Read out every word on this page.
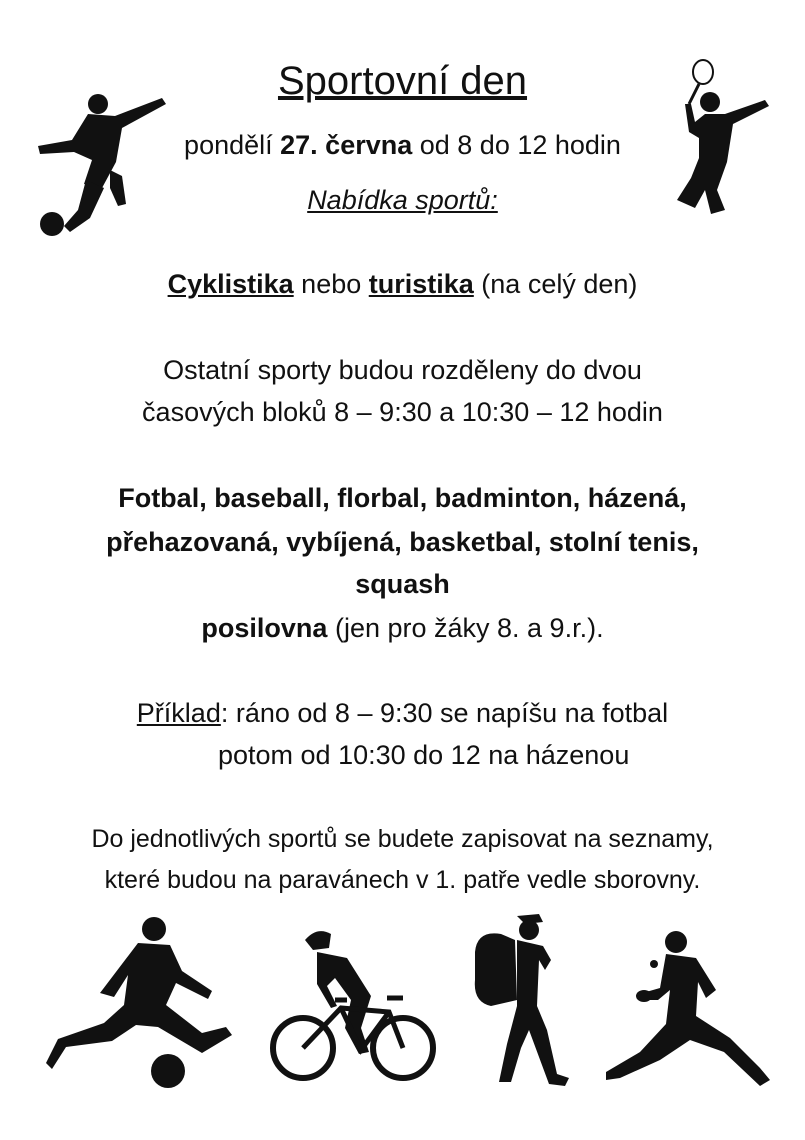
Sportovní den
pondělí 27. června od 8 do 12 hodin
Nabídka sportů:
Cyklistika nebo turistika (na celý den)
Ostatní sporty budou rozděleny do dvou
časových bloků 8 – 9:30 a 10:30 – 12 hodin
Fotbal, baseball, florbal, badminton, házená,
přehazovaná, vybíjená, basketbal, stolní tenis,
squash
posilovna (jen pro žáky 8. a 9.r.).
Příklad: ráno od 8 – 9:30 se napíšu na fotbal
potom od 10:30 do 12 na házenou
Do jednotlivých sportů se budete zapisovat na seznamy,
které budou na paravánech v 1. patře vedle sborovny.
